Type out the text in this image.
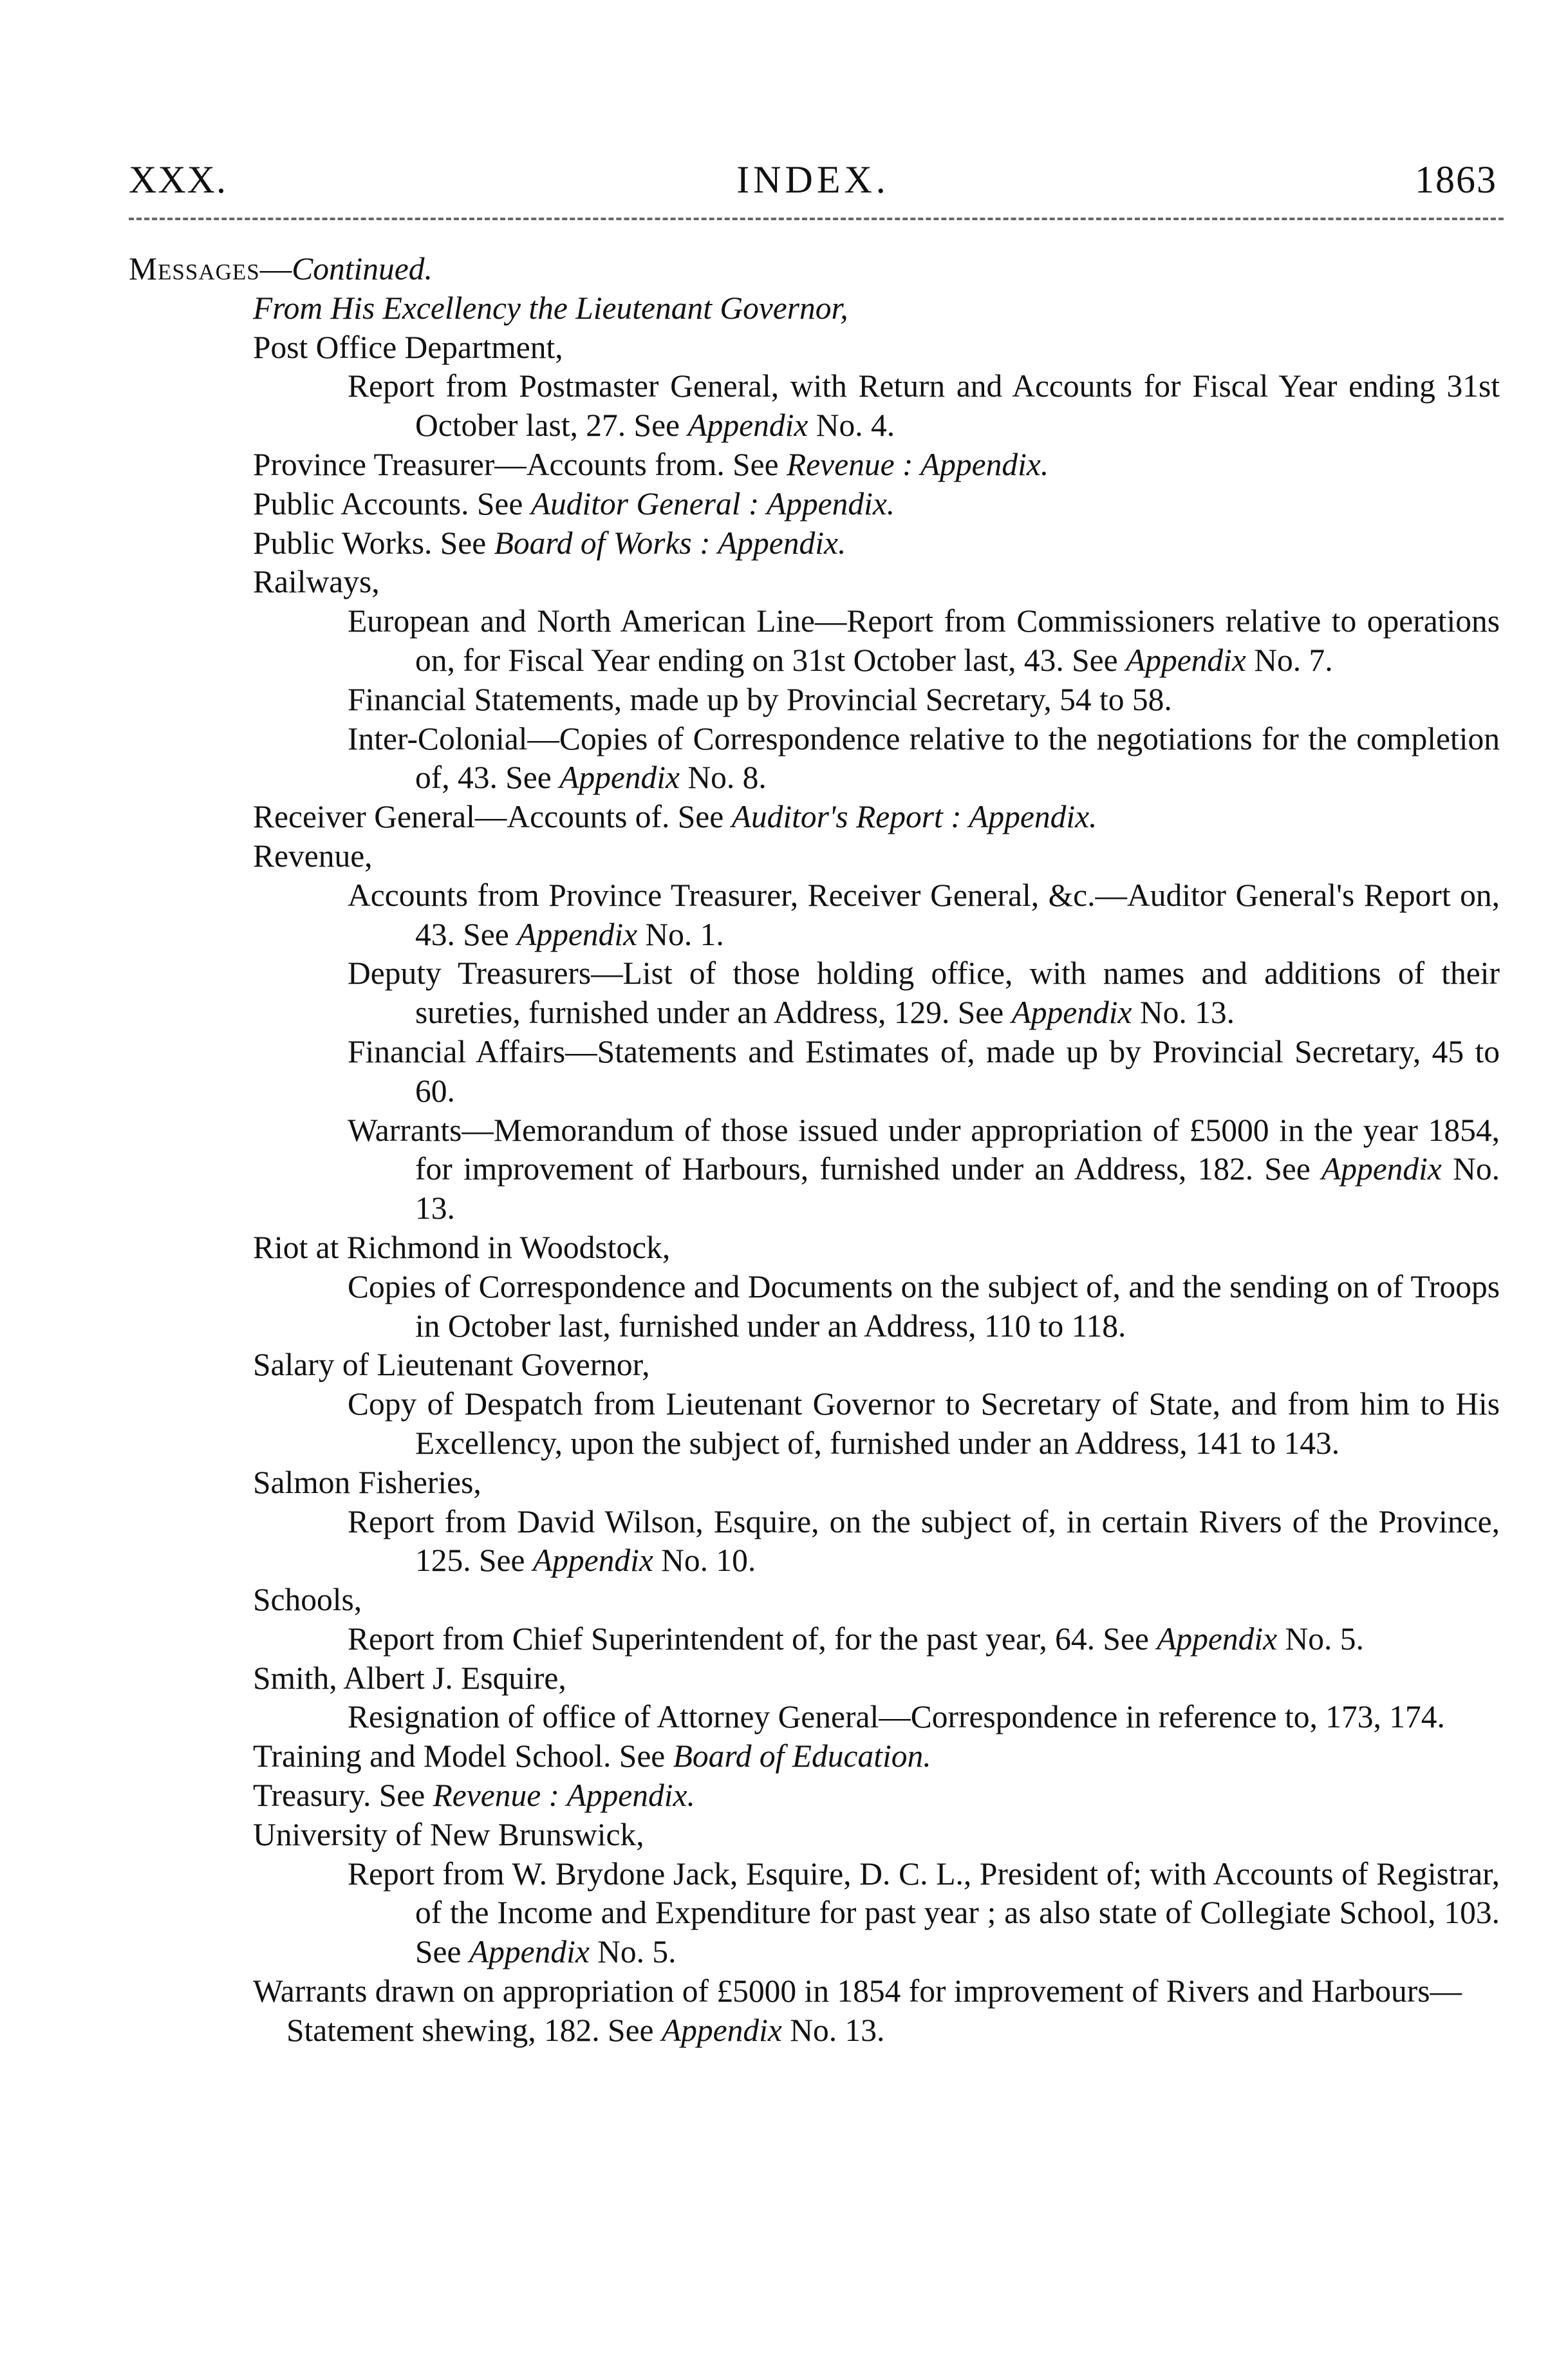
XXX.	INDEX.	1863

Messages—Continued.

From His Excellency the Lieutenant Governor,

Post Office Department,

Report from Postmaster General, with Return and Accounts for Fiscal Year ending 31st October last, 27. See Appendix No. 4.

Province Treasurer—Accounts from. See Revenue : Appendix.

Public Accounts. See Auditor General : Appendix.

Public Works. See Board of Works : Appendix.

Railways,

European and North American Line—Report from Commissioners relative to operations on, for Fiscal Year ending on 31st October last, 43. See Appendix No. 7.

Financial Statements, made up by Provincial Secretary, 54 to 58.

Inter-Colonial—Copies of Correspondence relative to the negotiations for the completion of, 43. See Appendix No. 8.

Receiver General—Accounts of. See Auditor's Report : Appendix.

Revenue,

Accounts from Province Treasurer, Receiver General, &c.—Auditor General's Report on, 43. See Appendix No. 1.

Deputy Treasurers—List of those holding office, with names and additions of their sureties, furnished under an Address, 129. See Appendix No. 13.

Financial Affairs—Statements and Estimates of, made up by Provincial Secretary, 45 to 60.

Warrants—Memorandum of those issued under appropriation of £5000 in the year 1854, for improvement of Harbours, furnished under an Address, 182. See Appendix No. 13.

Riot at Richmond in Woodstock,

Copies of Correspondence and Documents on the subject of, and the sending on of Troops in October last, furnished under an Address, 110 to 118.

Salary of Lieutenant Governor,

Copy of Despatch from Lieutenant Governor to Secretary of State, and from him to His Excellency, upon the subject of, furnished under an Address, 141 to 143.

Salmon Fisheries,

Report from David Wilson, Esquire, on the subject of, in certain Rivers of the Province, 125. See Appendix No. 10.

Schools,

Report from Chief Superintendent of, for the past year, 64. See Appendix No. 5.

Smith, Albert J. Esquire,

Resignation of office of Attorney General—Correspondence in reference to, 173, 174.

Training and Model School. See Board of Education.

Treasury. See Revenue : Appendix.

University of New Brunswick,

Report from W. Brydone Jack, Esquire, D. C. L., President of; with Accounts of Registrar, of the Income and Expenditure for past year ; as also state of Collegiate School, 103. See Appendix No. 5.

Warrants drawn on appropriation of £5000 in 1854 for improvement of Rivers and Harbours—Statement shewing, 182. See Appendix No. 13.
